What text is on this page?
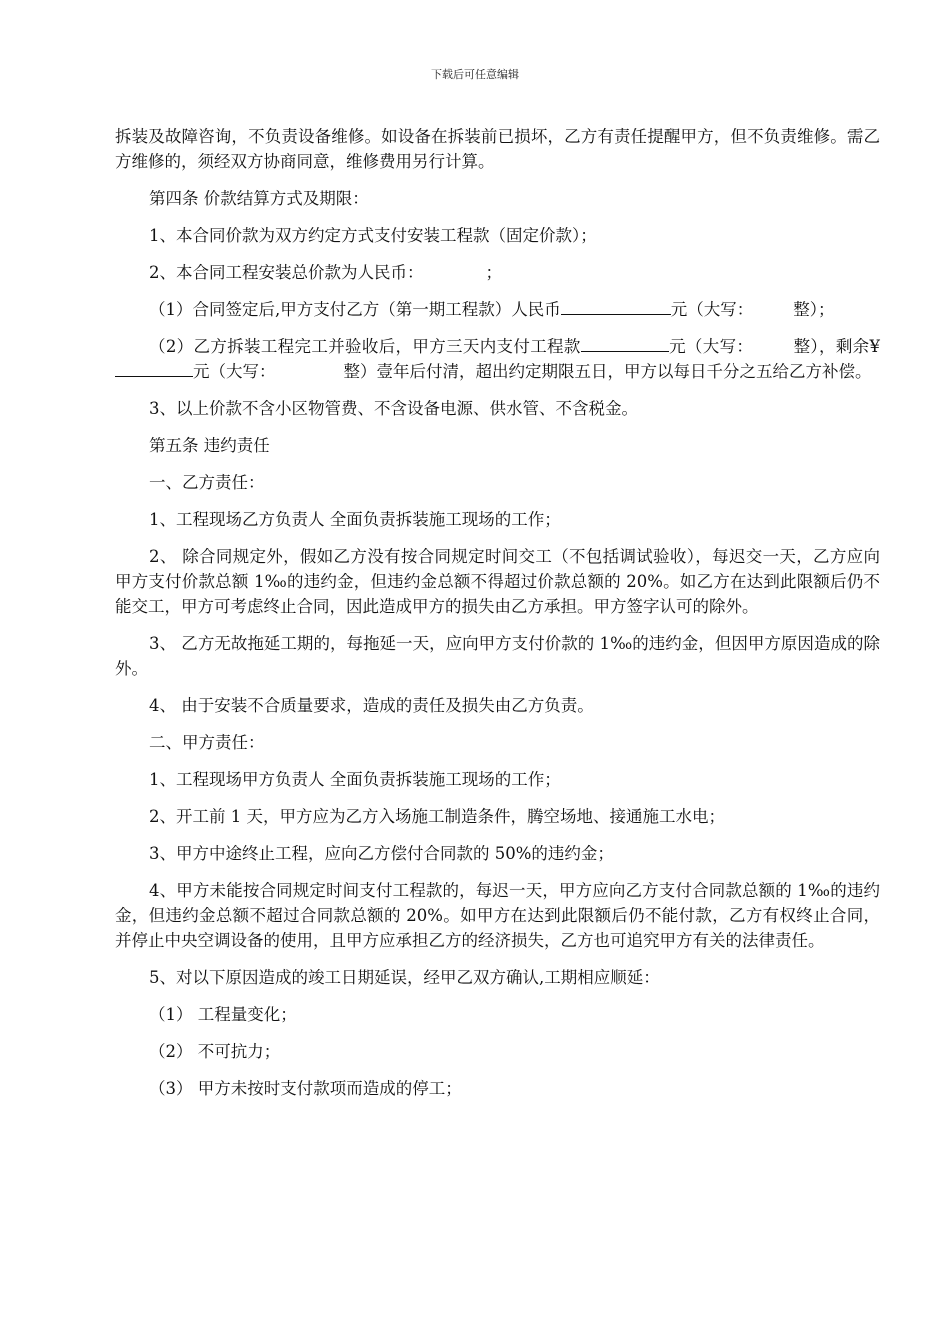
下载后可任意编辑

拆装及故障咨询，不负责设备维修。如设备在拆装前已损坏，乙方有责任提醒甲方，但不负责维修。需乙方维修的，须经双方协商同意，维修费用另行计算。

第四条 价款结算方式及期限：

1、本合同价款为双方约定方式支付安装工程款（固定价款）；

2、本合同工程安装总价款为人民币：	；

（1）合同签定后,甲方支付乙方（第一期工程款）人民币	元（大写： 整）；

（2）乙方拆装工程完工并验收后，甲方三天内支付工程款	元（大写： 整），剩余¥元（大写：	整）壹年后付清，超出约定期限五日，甲方以每日千分之五给乙方补偿。

3、以上价款不含小区物管费、不含设备电源、供水管、不含税金。

第五条 违约责任

一、乙方责任：

1、工程现场乙方负责人 全面负责拆装施工现场的工作；

2、 除合同规定外，假如乙方没有按合同规定时间交工（不包括调试验收），每迟交一天，乙方应向甲方支付价款总额 1‰的违约金，但违约金总额不得超过价款总额的 20%。如乙方在达到此限额后仍不能交工，甲方可考虑终止合同，因此造成甲方的损失由乙方承担。甲方签字认可的除外。

3、 乙方无故拖延工期的，每拖延一天，应向甲方支付价款的 1‰的违约金，但因甲方原因造成的除外。

4、 由于安装不合质量要求，造成的责任及损失由乙方负责。

二、甲方责任：

1、工程现场甲方负责人 全面负责拆装施工现场的工作；

2、开工前 1 天，甲方应为乙方入场施工制造条件，腾空场地、接通施工水电；

3、甲方中途终止工程，应向乙方偿付合同款的 50%的违约金；

4、甲方未能按合同规定时间支付工程款的，每迟一天，甲方应向乙方支付合同款总额的 1‰的违约金，但违约金总额不超过合同款总额的 20%。如甲方在达到此限额后仍不能付款，乙方有权终止合同，并停止中央空调设备的使用，且甲方应承担乙方的经济损失，乙方也可追究甲方有关的法律责任。

5、对以下原因造成的竣工日期延误，经甲乙双方确认,工期相应顺延：

（1） 工程量变化；

（2） 不可抗力；

（3） 甲方未按时支付款项而造成的停工；
